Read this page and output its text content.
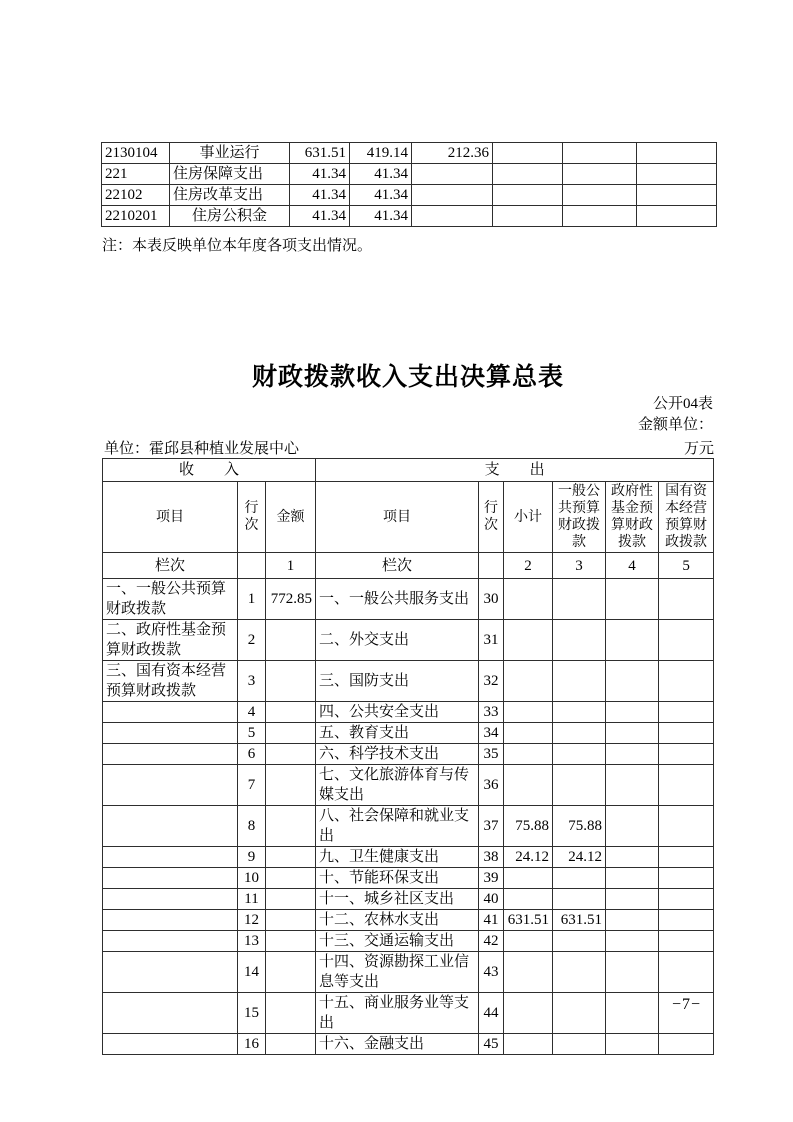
2130104	事业运行	631.51	419.14	212.36			
221	住房保障支出	41.34	41.34				
22102	住房改革支出	41.34	41.34				
2210201	住房公积金	41.34	41.34				
注：本表反映单位本年度各项支出情况。
财政拨款收入支出决算总表
公开04表
金额单位：
单位：霍邱县种植业发展中心	万元
收　　入			支　　出					
项目	行次	金额	项目	行次	小计	一般公共预算财政拨款	政府性基金预算财政拨款	国有资本经营预算财政拨款
栏次		1	栏次		2	3	4	5
一、一般公共预算财政拨款	1	772.85	一、一般公共服务支出	30				
二、政府性基金预算财政拨款	2		二、外交支出	31				
三、国有资本经营预算财政拨款	3		三、国防支出	32				
	4		四、公共安全支出	33				
	5		五、教育支出	34				
	6		六、科学技术支出	35				
	7		七、文化旅游体育与传媒支出	36				
	8		八、社会保障和就业支出	37	75.88	75.88		
	9		九、卫生健康支出	38	24.12	24.12		
	10		十、节能环保支出	39				
	11		十一、城乡社区支出	40				
	12		十二、农林水支出	41	631.51	631.51		
	13		十三、交通运输支出	42				
	14		十四、资源勘探工业信息等支出	43				
	15		十五、商业服务业等支出	44				
	16		十六、金融支出	45				
−7−
